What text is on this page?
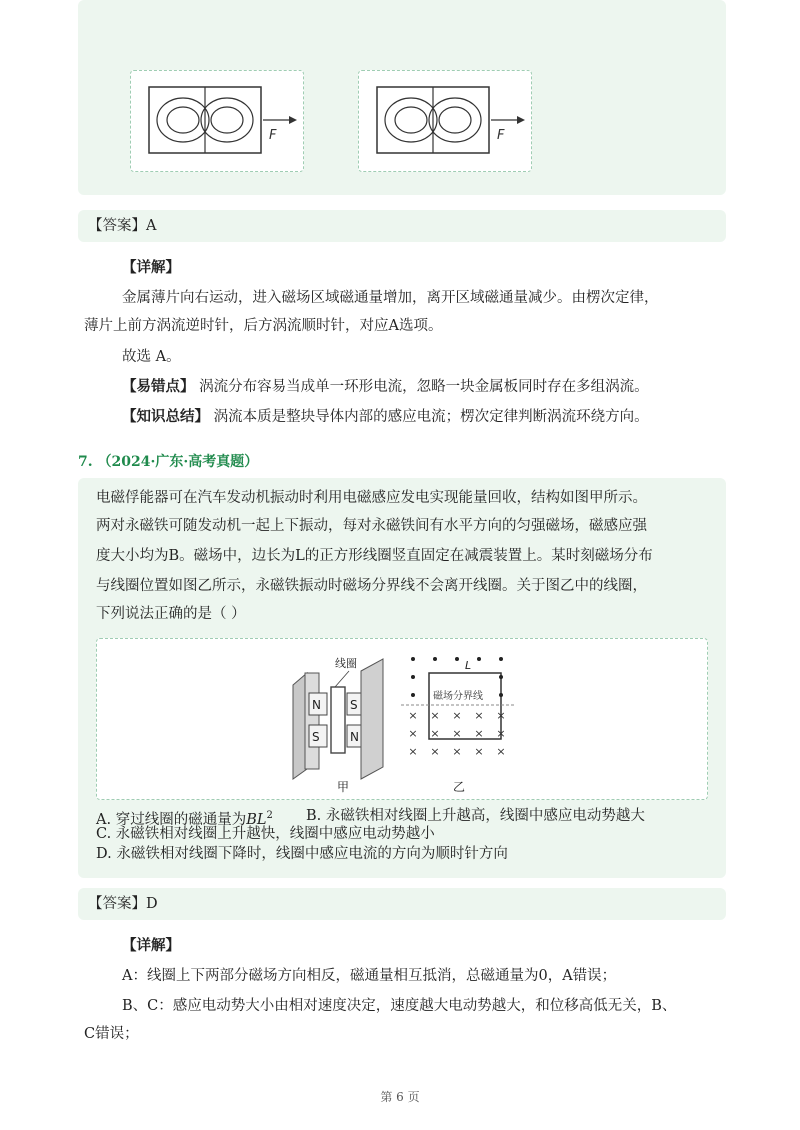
F	F
【答案】A
【详解】
金属薄片向右运动，进入磁场区域磁通量增加，离开区域磁通量减少。由楞次定律，
薄片上前方涡流逆时针，后方涡流顺时针，对应A选项。
故选 A。
【易错点】 涡流分布容易当成单一环形电流，忽略一块金属板同时存在多组涡流。
【知识总结】 涡流本质是整块导体内部的感应电流；楞次定律判断涡流环绕方向。
7. （2024·广东·高考真题）
电磁俘能器可在汽车发动机振动时利用电磁感应发电实现能量回收，结构如图甲所示。
两对永磁铁可随发动机一起上下振动，每对永磁铁间有水平方向的匀强磁场，磁感应强
度大小均为B。磁场中，边长为L的正方形线圈竖直固定在减震装置上。某时刻磁场分布
与线圈位置如图乙所示，永磁铁振动时磁场分界线不会离开线圈。关于图乙中的线圈，
下列说法正确的是（ ）
N
S
S
N
线圈
甲
L
磁场分界线
× × × × ×
× × × × ×
× × × × ×
乙
A. 穿过线圈的磁通量为$BL^2$ B. 永磁铁相对线圈上升越高，线圈中感应电动势越大
C. 永磁铁相对线圈上升越快，线圈中感应电动势越小
D. 永磁铁相对线圈下降时，线圈中感应电流的方向为顺时针方向
【答案】D
【详解】
A：线圈上下两部分磁场方向相反，磁通量相互抵消，总磁通量为0，A错误；
B、C：感应电动势大小由相对速度决定，速度越大电动势越大，和位移高低无关，B、
C错误；
第 6 页
